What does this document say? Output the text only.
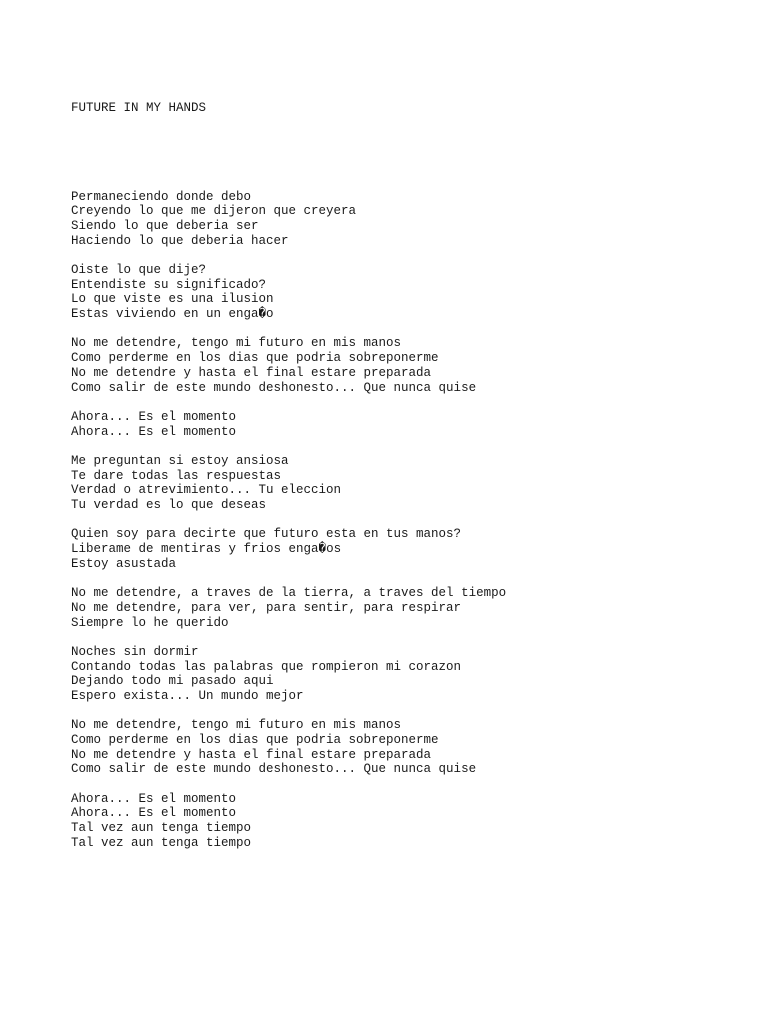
FUTURE IN MY HANDS

Permaneciendo donde debo
Creyendo lo que me dijeron que creyera
Siendo lo que deberia ser
Haciendo lo que deberia hacer
Oiste lo que dije?
Entendiste su significado?
Lo que viste es una ilusion
Estas viviendo en un enga�o
No me detendre, tengo mi futuro en mis manos
Como perderme en los dias que podria sobreponerme
No me detendre y hasta el final estare preparada
Como salir de este mundo deshonesto... Que nunca quise
Ahora... Es el momento
Ahora... Es el momento
Me preguntan si estoy ansiosa
Te dare todas las respuestas
Verdad o atrevimiento... Tu eleccion
Tu verdad es lo que deseas
Quien soy para decirte que futuro esta en tus manos?
Liberame de mentiras y frios enga�os
Estoy asustada
No me detendre, a traves de la tierra, a traves del tiempo
No me detendre, para ver, para sentir, para respirar
Siempre lo he querido
Noches sin dormir
Contando todas las palabras que rompieron mi corazon
Dejando todo mi pasado aqui
Espero exista... Un mundo mejor
No me detendre, tengo mi futuro en mis manos
Como perderme en los dias que podria sobreponerme
No me detendre y hasta el final estare preparada
Como salir de este mundo deshonesto... Que nunca quise
Ahora... Es el momento
Ahora... Es el momento
Tal vez aun tenga tiempo
Tal vez aun tenga tiempo
